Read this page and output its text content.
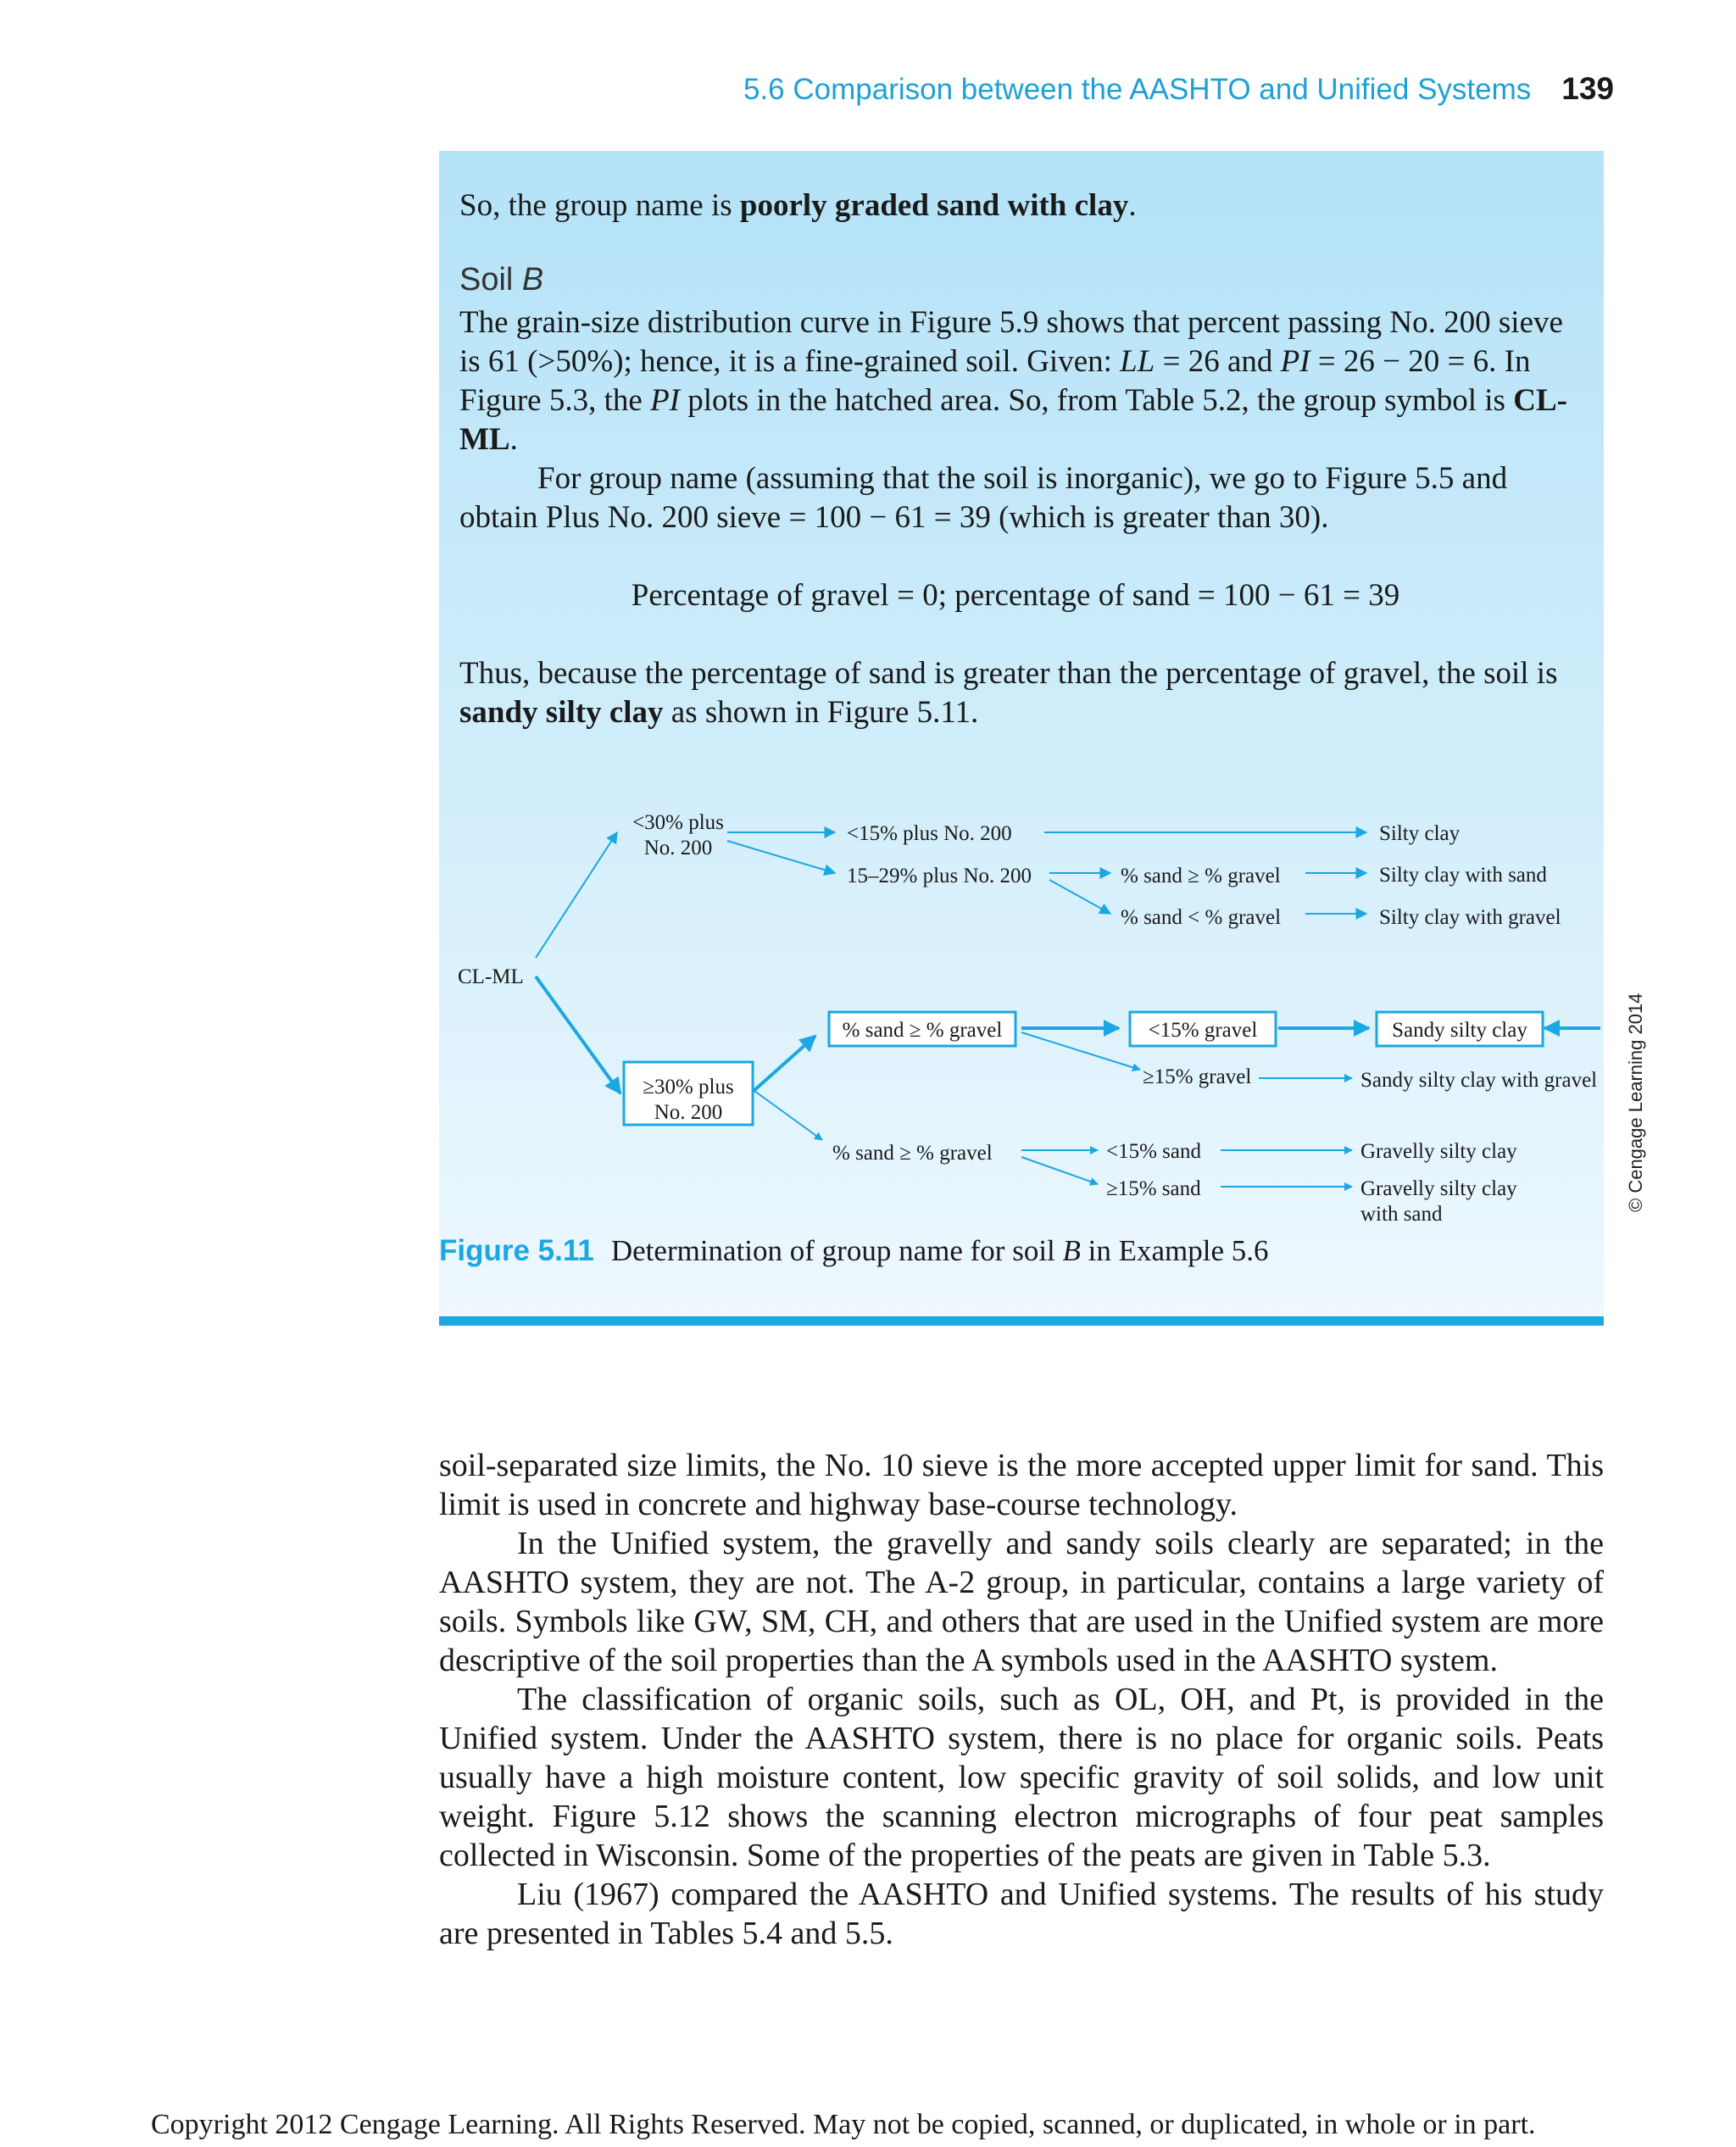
5.6 Comparison between the AASHTO and Unified Systems 139

So, the group name is poorly graded sand with clay.

Soil B

The grain-size distribution curve in Figure 5.9 shows that percent passing No. 200 sieve is 61 (>50%); hence, it is a fine-grained soil. Given: LL = 26 and PI = 26 − 20 = 6. In Figure 5.3, the PI plots in the hatched area. So, from Table 5.2, the group symbol is CL-ML.

For group name (assuming that the soil is inorganic), we go to Figure 5.5 and obtain Plus No. 200 sieve = 100 − 61 = 39 (which is greater than 30).

Percentage of gravel = 0; percentage of sand = 100 − 61 = 39

Thus, because the percentage of sand is greater than the percentage of gravel, the soil is sandy silty clay as shown in Figure 5.11.

CL-ML
<30% plus
No. 200
<15% plus No. 200
15–29% plus No. 200	% sand ≥ % gravel
% sand < % gravel
Silty clay
Silty clay with sand
Silty clay with gravel
≥30% plus
No. 200
% sand ≥ % gravel	<15% gravel
≥15% gravel
Sandy silty clay
Sandy silty clay with gravel
% sand ≥ % gravel	<15% sand
≥15% sand
Gravelly silty clay
Gravelly silty clay
with sand
© Cengage Learning 2014
Figure 5.11 Determination of group name for soil B in Example 5.6

soil-separated size limits, the No. 10 sieve is the more accepted upper limit for sand. This limit is used in concrete and highway base-course technology.

In the Unified system, the gravelly and sandy soils clearly are separated; in the AASHTO system, they are not. The A-2 group, in particular, contains a large variety of soils. Symbols like GW, SM, CH, and others that are used in the Unified system are more descriptive of the soil properties than the A symbols used in the AASHTO system.

The classification of organic soils, such as OL, OH, and Pt, is provided in the Unified system. Under the AASHTO system, there is no place for organic soils. Peats usually have a high moisture content, low specific gravity of soil solids, and low unit weight. Figure 5.12 shows the scanning electron micrographs of four peat samples collected in Wisconsin. Some of the properties of the peats are given in Table 5.3.

Liu (1967) compared the AASHTO and Unified systems. The results of his study are presented in Tables 5.4 and 5.5.

Copyright 2012 Cengage Learning. All Rights Reserved. May not be copied, scanned, or duplicated, in whole or in part.
